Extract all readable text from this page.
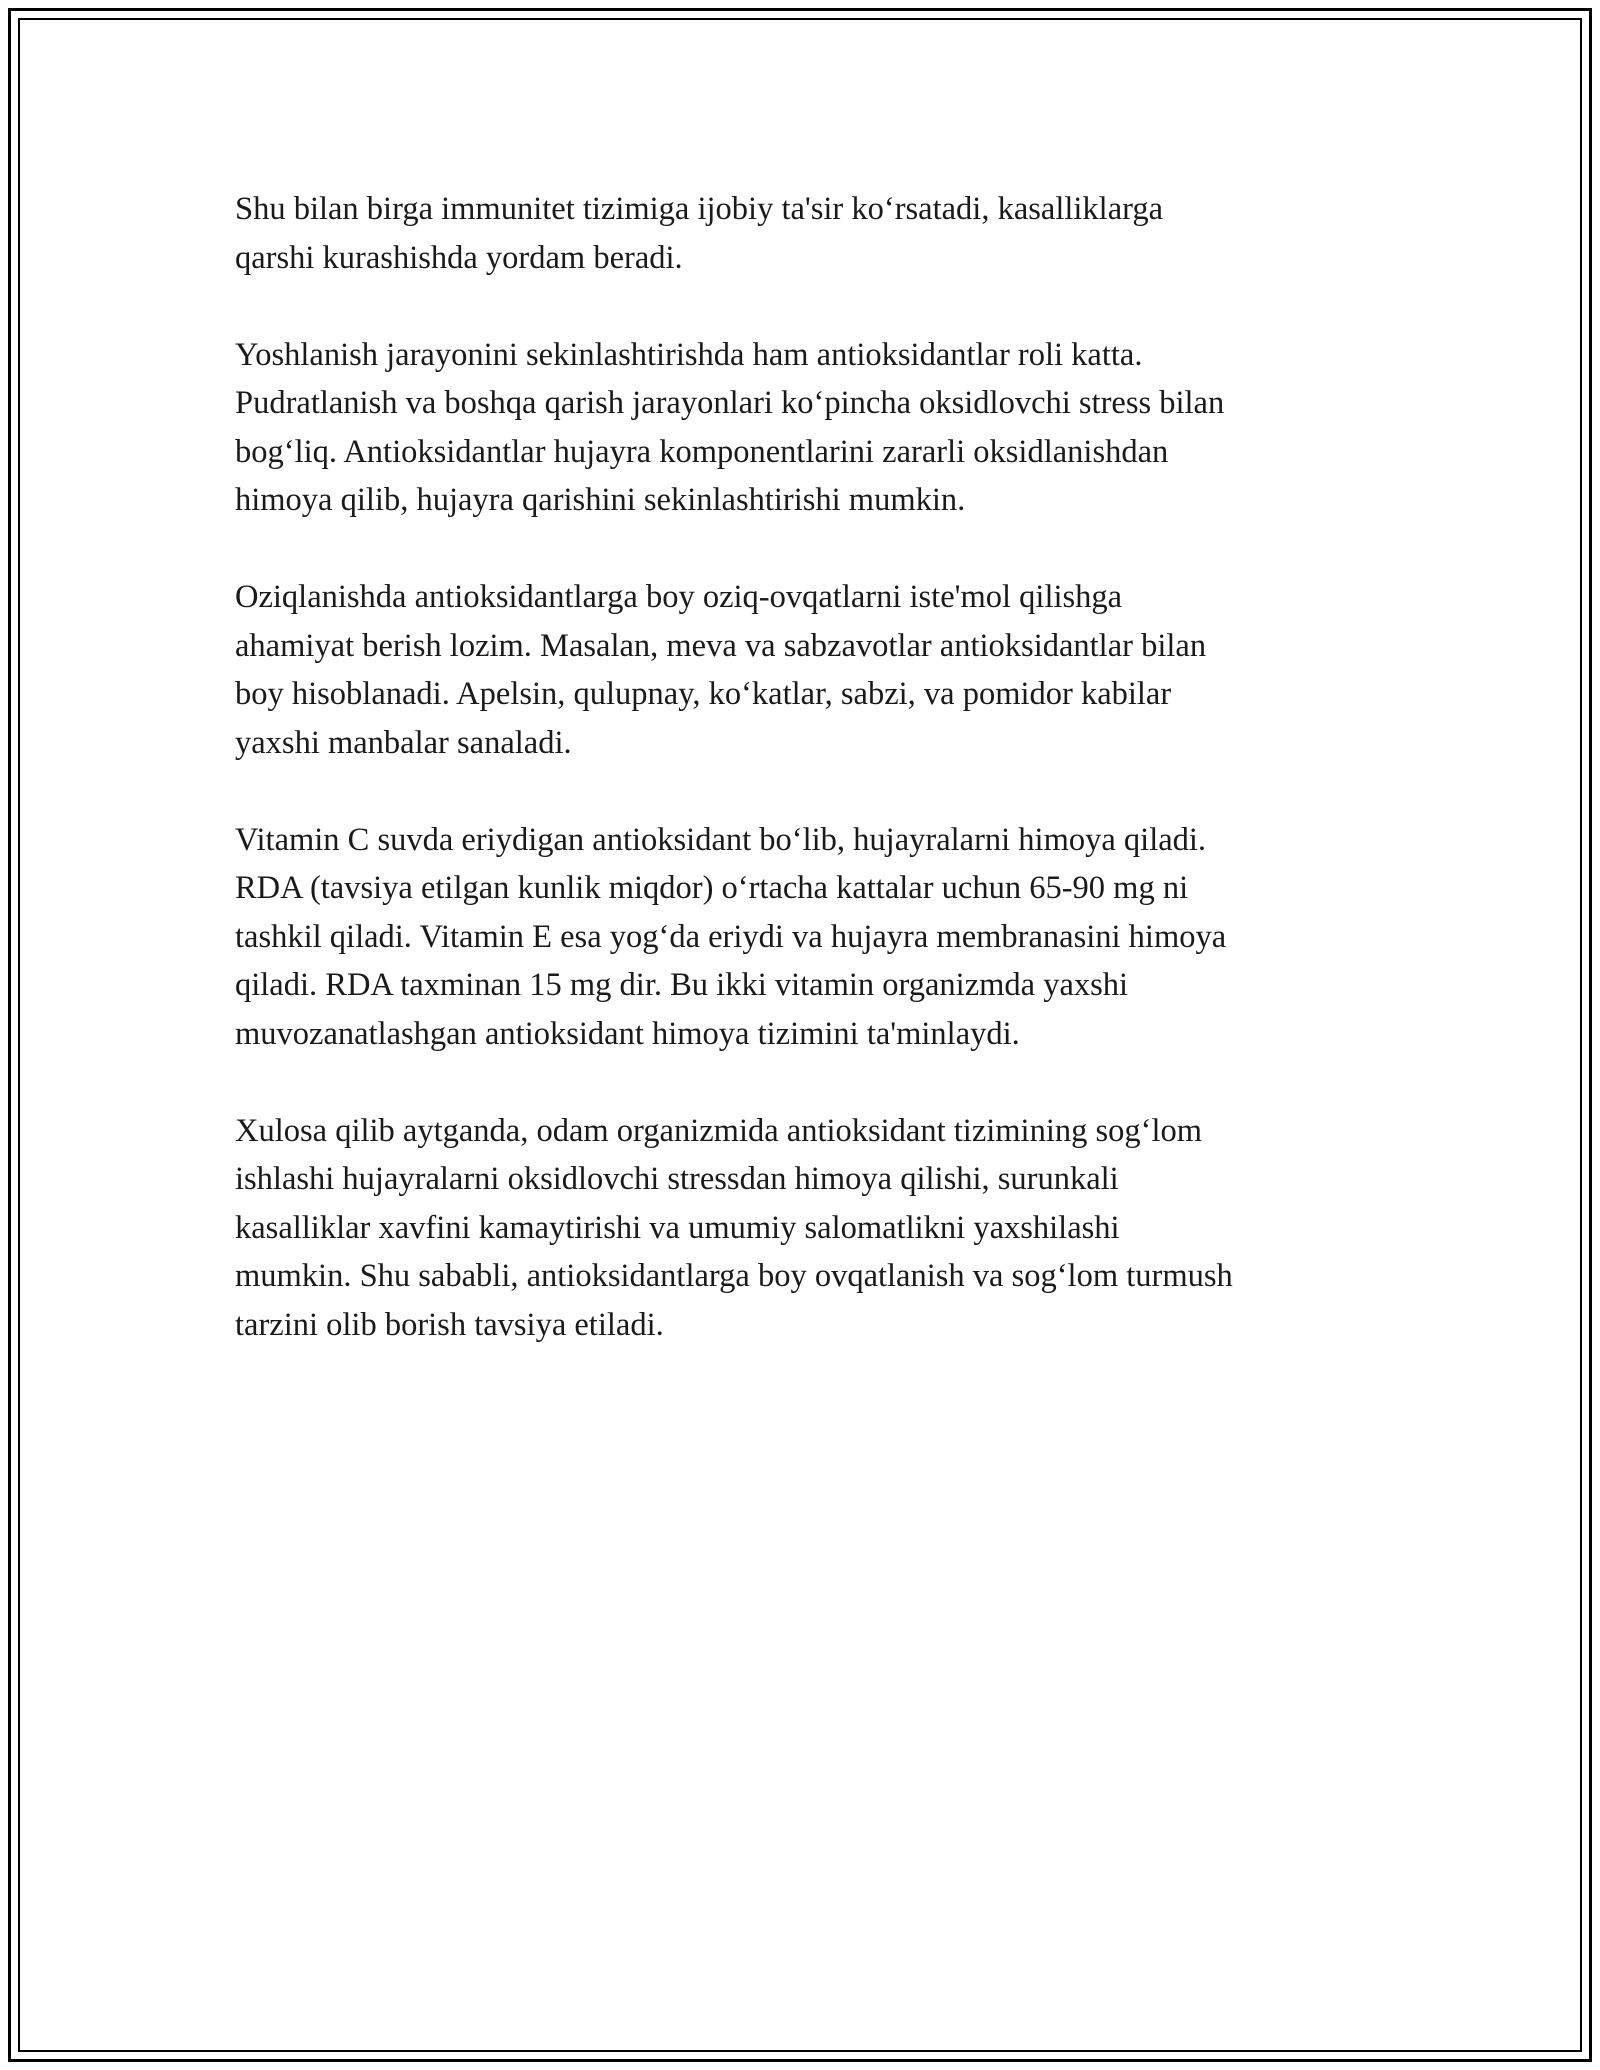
Shu bilan birga immunitet tizimiga ijobiy ta'sir ko‘rsatadi, kasalliklarga
qarshi kurashishda yordam beradi.

Yoshlanish jarayonini sekinlashtirishda ham antioksidantlar roli katta.
Pudratlanish va boshqa qarish jarayonlari ko‘pincha oksidlovchi stress bilan
bog‘liq. Antioksidantlar hujayra komponentlarini zararli oksidlanishdan
himoya qilib, hujayra qarishini sekinlashtirishi mumkin.

Oziqlanishda antioksidantlarga boy oziq-ovqatlarni iste'mol qilishga
ahamiyat berish lozim. Masalan, meva va sabzavotlar antioksidantlar bilan
boy hisoblanadi. Apelsin, qulupnay, ko‘katlar, sabzi, va pomidor kabilar
yaxshi manbalar sanaladi.

Vitamin C suvda eriydigan antioksidant bo‘lib, hujayralarni himoya qiladi.
RDA (tavsiya etilgan kunlik miqdor) o‘rtacha kattalar uchun 65-90 mg ni
tashkil qiladi. Vitamin E esa yog‘da eriydi va hujayra membranasini himoya
qiladi. RDA taxminan 15 mg dir. Bu ikki vitamin organizmda yaxshi
muvozanatlashgan antioksidant himoya tizimini ta'minlaydi.

Xulosa qilib aytganda, odam organizmida antioksidant tizimining sog‘lom
ishlashi hujayralarni oksidlovchi stressdan himoya qilishi, surunkali
kasalliklar xavfini kamaytirishi va umumiy salomatlikni yaxshilashi
mumkin. Shu sababli, antioksidantlarga boy ovqatlanish va sog‘lom turmush
tarzini olib borish tavsiya etiladi.
